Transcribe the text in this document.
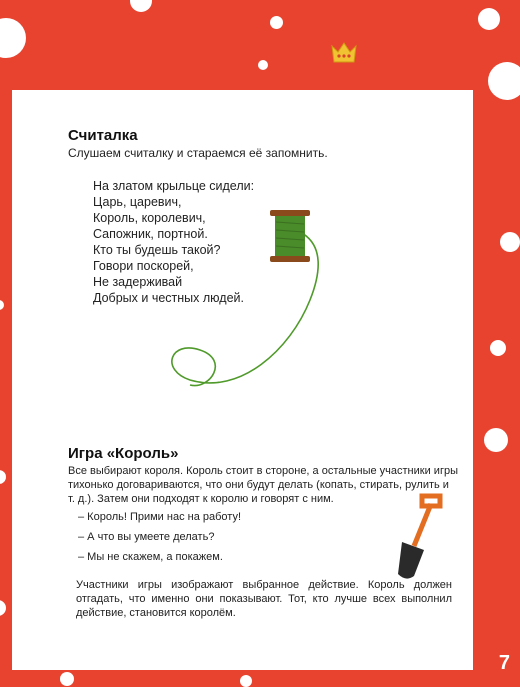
Считалка
Слушаем считалку и стараемся её запомнить.
На златом крыльце сидели:
Царь, царевич,
Король, королевич,
Сапожник, портной.
Кто ты будешь такой?
Говори поскорей,
Не задерживай
Добрых и честных людей.
Игра «Король»
Все выбирают короля. Король стоит в стороне, а остальные участники игры тихонько договариваются, что они будут делать (копать, стирать, рулить и т. д.). Затем они подходят к королю и говорят с ним.
– Король! Прими нас на работу!
– А что вы умеете делать?
– Мы не скажем, а покажем.
Участники игры изображают выбранное действие. Король должен отгадать, что именно они показывают. Тот, кто лучше всех выполнил действие, становится королём.
7
